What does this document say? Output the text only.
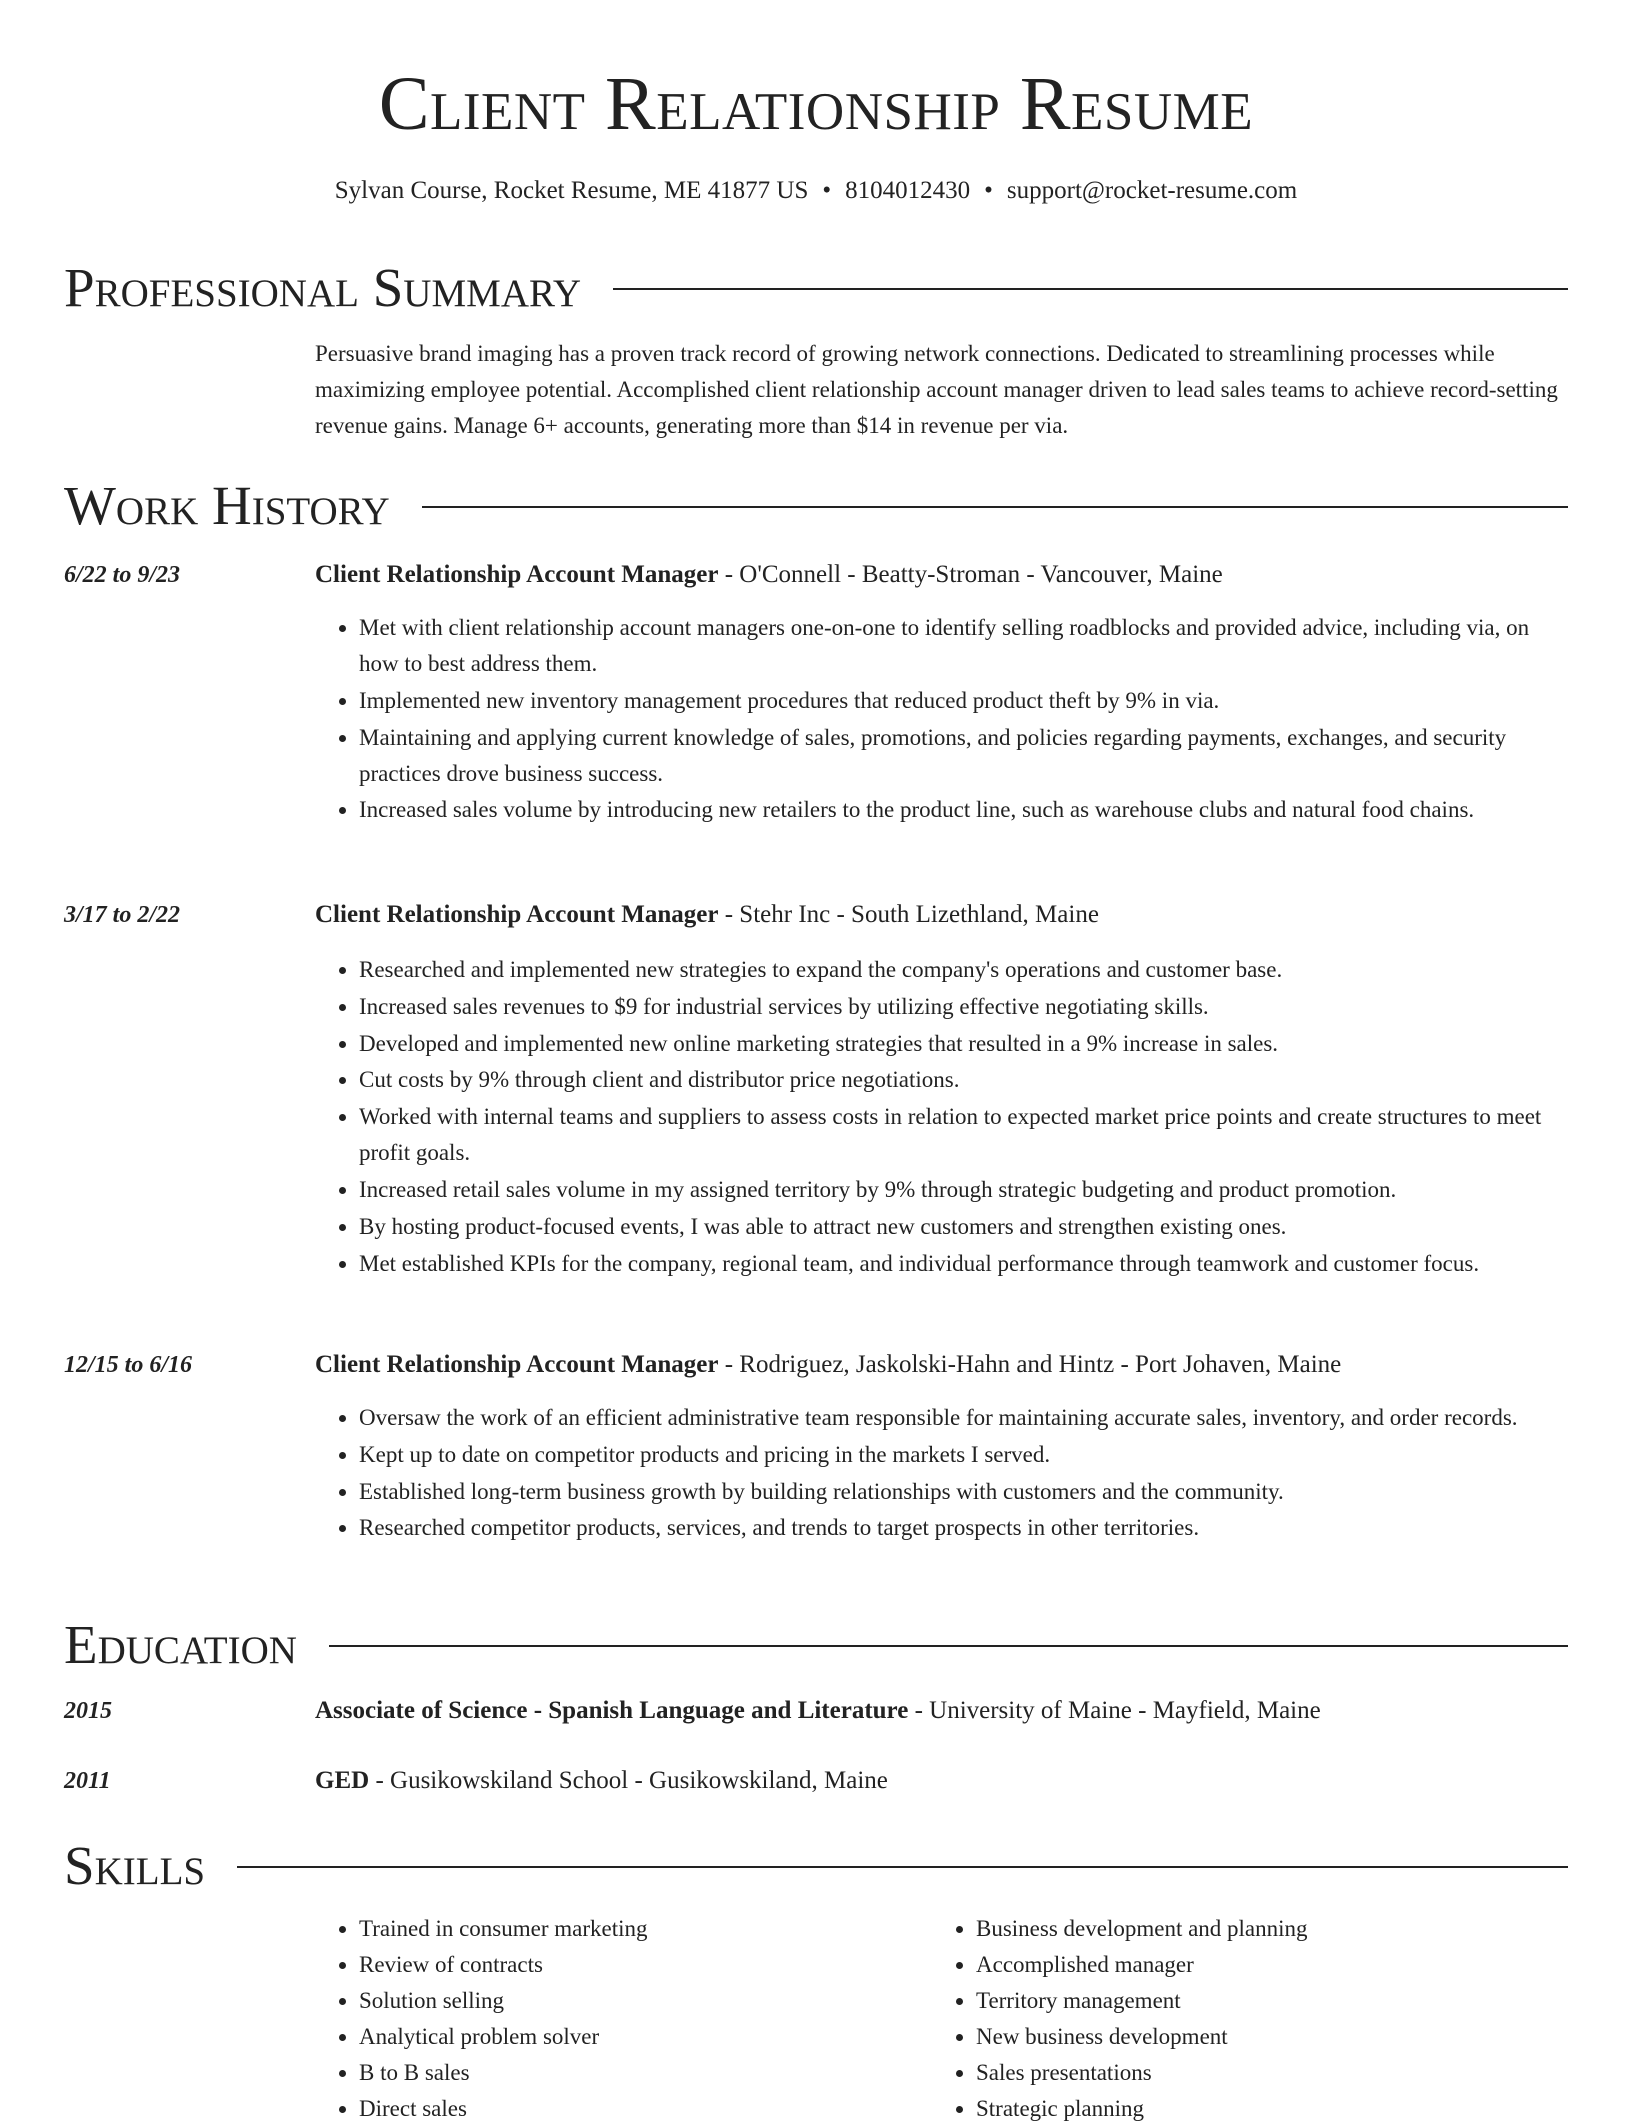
Client Relationship Resume
Sylvan Course, Rocket Resume, ME 41877 US • 8104012430 • support@rocket-resume.com
Professional Summary
Persuasive brand imaging has a proven track record of growing network connections. Dedicated to streamlining processes while maximizing employee potential. Accomplished client relationship account manager driven to lead sales teams to achieve record-setting revenue gains. Manage 6+ accounts, generating more than $14 in revenue per via.
Work History
6/22 to 9/23	Client Relationship Account Manager - O'Connell - Beatty-Stroman - Vancouver, Maine
• Met with client relationship account managers one-on-one to identify selling roadblocks and provided advice, including via, on how to best address them.
• Implemented new inventory management procedures that reduced product theft by 9% in via.
• Maintaining and applying current knowledge of sales, promotions, and policies regarding payments, exchanges, and security practices drove business success.
• Increased sales volume by introducing new retailers to the product line, such as warehouse clubs and natural food chains.
3/17 to 2/22	Client Relationship Account Manager - Stehr Inc - South Lizethland, Maine
• Researched and implemented new strategies to expand the company's operations and customer base.
• Increased sales revenues to $9 for industrial services by utilizing effective negotiating skills.
• Developed and implemented new online marketing strategies that resulted in a 9% increase in sales.
• Cut costs by 9% through client and distributor price negotiations.
• Worked with internal teams and suppliers to assess costs in relation to expected market price points and create structures to meet profit goals.
• Increased retail sales volume in my assigned territory by 9% through strategic budgeting and product promotion.
• By hosting product-focused events, I was able to attract new customers and strengthen existing ones.
• Met established KPIs for the company, regional team, and individual performance through teamwork and customer focus.
12/15 to 6/16	Client Relationship Account Manager - Rodriguez, Jaskolski-Hahn and Hintz - Port Johaven, Maine
• Oversaw the work of an efficient administrative team responsible for maintaining accurate sales, inventory, and order records.
• Kept up to date on competitor products and pricing in the markets I served.
• Established long-term business growth by building relationships with customers and the community.
• Researched competitor products, services, and trends to target prospects in other territories.
Education
2015	Associate of Science - Spanish Language and Literature - University of Maine - Mayfield, Maine
2011	GED - Gusikowskiland School - Gusikowskiland, Maine
Skills
• Trained in consumer marketing
• Review of contracts
• Solution selling
• Analytical problem solver
• B to B sales
• Direct sales
• Business development and planning
• Accomplished manager
• Territory management
• New business development
• Sales presentations
• Strategic planning
